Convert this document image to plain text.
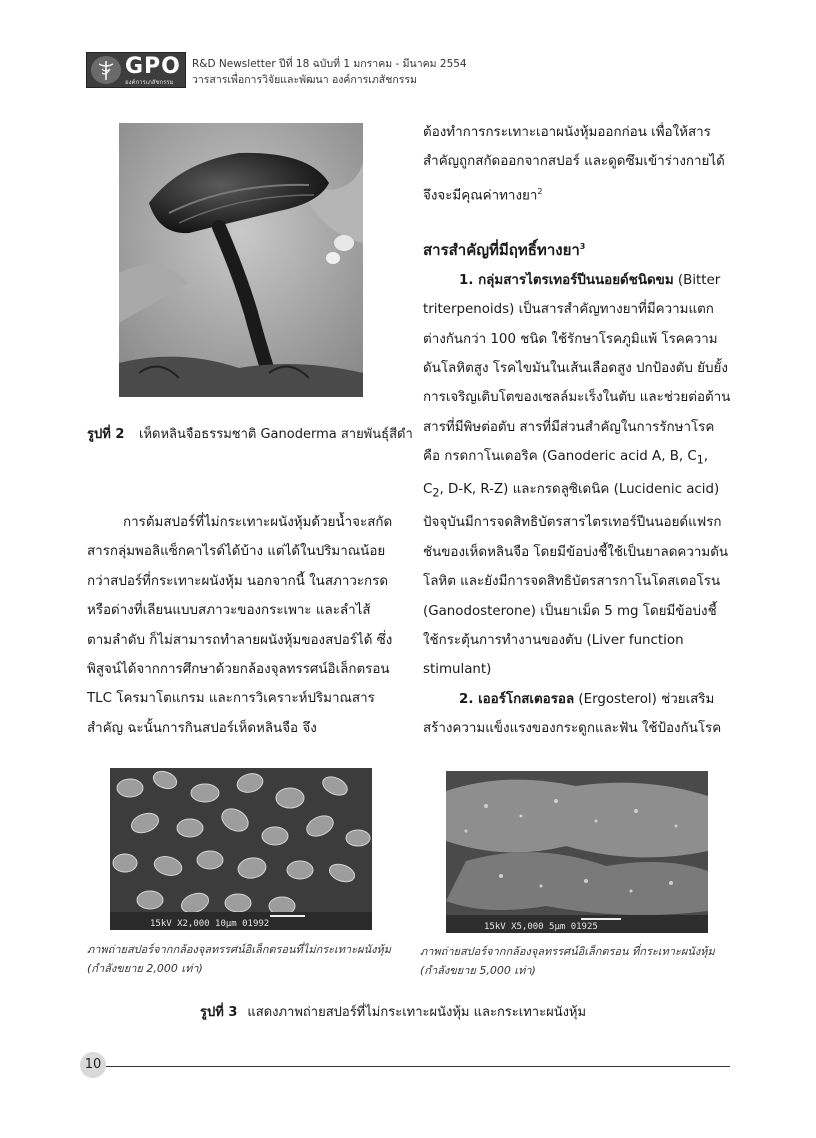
GPO
องค์การเภสัชกรรม
R&D Newsletter ปีที่ 18 ฉบับที่ 1 มกราคม - มีนาคม 2554
วารสารเพื่อการวิจัยและพัฒนา องค์การเภสัชกรรม
รูปที่ 2 เห็ดหลินจือธรรมชาติ Ganoderma สายพันธุ์สีดำ

การต้มสปอร์ที่ไม่กระเทาะผนังหุ้มด้วยน้ำจะสกัดสารกลุ่มพอลิแซ็กคาไรด์ได้บ้าง แต่ได้ในปริมาณน้อยกว่าสปอร์ที่กระเทาะผนังหุ้ม นอกจากนี้ ในสภาวะกรดหรือด่างที่เลียนแบบสภาวะของกระเพาะ และลำไส้ ตามลำดับ ก็ไม่สามารถทำลายผนังหุ้มของสปอร์ได้ ซึ่งพิสูจน์ได้จากการศึกษาด้วยกล้องจุลทรรศน์อิเล็กตรอน TLC โครมาโตแกรม และการวิเคราะห์ปริมาณสารสำคัญ ฉะนั้นการกินสปอร์เห็ดหลินจือ จึง

ต้องทำการกระเทาะเอาผนังหุ้มออกก่อน เพื่อให้สารสำคัญถูกสกัดออกจากสปอร์ และดูดซึมเข้าร่างกายได้ จึงจะมีคุณค่าทางยา$^2$

สารสำคัญที่มีฤทธิ์ทางยา$^3$

1. กลุ่มสารไตรเทอร์ปีนนอยด์ชนิดขม (Bitter triterpenoids) เป็นสารสำคัญทางยาที่มีความแตกต่างกันกว่า 100 ชนิด ใช้รักษาโรคภูมิแพ้ โรคความดันโลหิตสูง โรคไขมันในเส้นเลือดสูง ปกป้องตับ ยับยั้งการเจริญเติบโตของเซลล์มะเร็งในตับ และช่วยต่อต้านสารที่มีพิษต่อตับ สารที่มีส่วนสำคัญในการรักษาโรคคือ กรดกาโนเดอริค (Ganoderic acid A, B, $C_1$, $C_2$, D-K, R-Z) และกรดลูซิเดนิค (Lucidenic acid) ปัจจุบันมีการจดสิทธิบัตรสารไตรเทอร์ปีนนอยด์แฟรกชันของเห็ดหลินจือ โดยมีข้อบ่งชี้ใช้เป็นยาลดความดันโลหิต และยังมีการจดสิทธิบัตรสารกาโนโดสเตอโรน (Ganodosterone) เป็นยาเม็ด 5 mg โดยมีข้อบ่งชี้ใช้กระตุ้นการทำงานของตับ (Liver function stimulant)

2. เออร์โกสเตอรอล (Ergosterol) ช่วยเสริมสร้างความแข็งแรงของกระดูกและฟัน ใช้ป้องกันโรค

15kV X2,000 10μm 01992	15kV X5,000 5μm 01925
ภาพถ่ายสปอร์จากกล้องจุลทรรศน์อิเล็กตรอนที่ไม่กระเทาะผนังหุ้ม (กำลังขยาย 2,000 เท่า)
ภาพถ่ายสปอร์จากกล้องจุลทรรศน์อิเล็กตรอน ที่กระเทาะผนังหุ้ม (กำลังขยาย 5,000 เท่า)
รูปที่ 3 แสดงภาพถ่ายสปอร์ที่ไม่กระเทาะผนังหุ้ม และกระเทาะผนังหุ้ม
10
